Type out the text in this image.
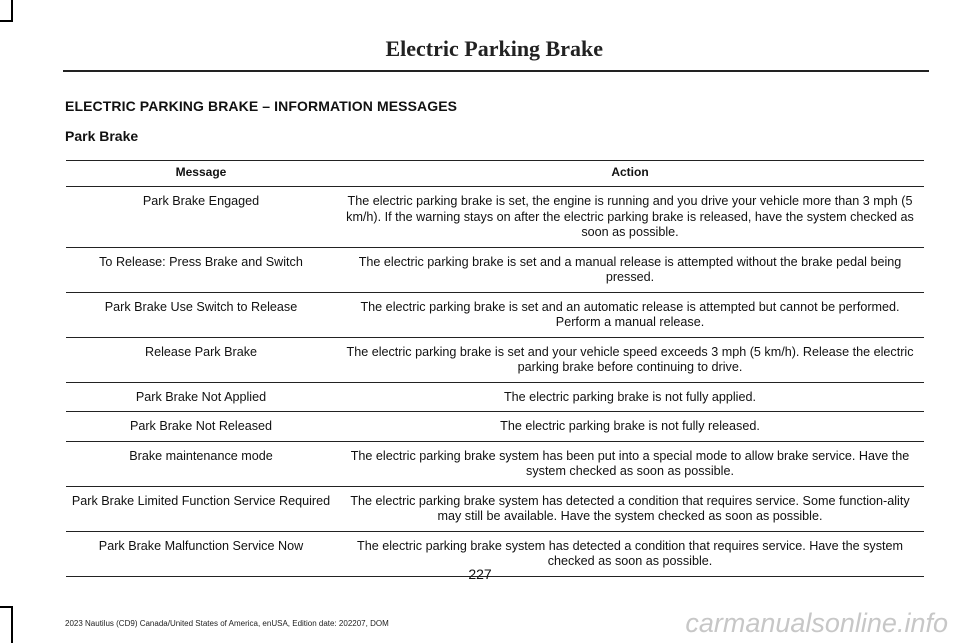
Electric Parking Brake
ELECTRIC PARKING BRAKE – INFORMATION MESSAGES
Park Brake
Message	Action
Park Brake Engaged	The electric parking brake is set, the engine is running and you drive your vehicle more than 3 mph (5 km/h). If the warning stays on after the electric parking brake is released, have the system checked as soon as possible.
To Release: Press Brake and Switch	The electric parking brake is set and a manual release is attempted without the brake pedal being pressed.
Park Brake Use Switch to Release	The electric parking brake is set and an automatic release is attempted but cannot be performed. Perform a manual release.
Release Park Brake	The electric parking brake is set and your vehicle speed exceeds 3 mph (5 km/h). Release the electric parking brake before continuing to drive.
Park Brake Not Applied	The electric parking brake is not fully applied.
Park Brake Not Released	The electric parking brake is not fully released.
Brake maintenance mode	The electric parking brake system has been put into a special mode to allow brake service. Have the system checked as soon as possible.
Park Brake Limited Function Service Required	The electric parking brake system has detected a condition that requires service. Some function-ality may still be available. Have the system checked as soon as possible.
Park Brake Malfunction Service Now	The electric parking brake system has detected a condition that requires service. Have the system checked as soon as possible.
227
2023 Nautilus (CD9) Canada/United States of America, enUSA, Edition date: 202207, DOM	carmanualsonline.info
